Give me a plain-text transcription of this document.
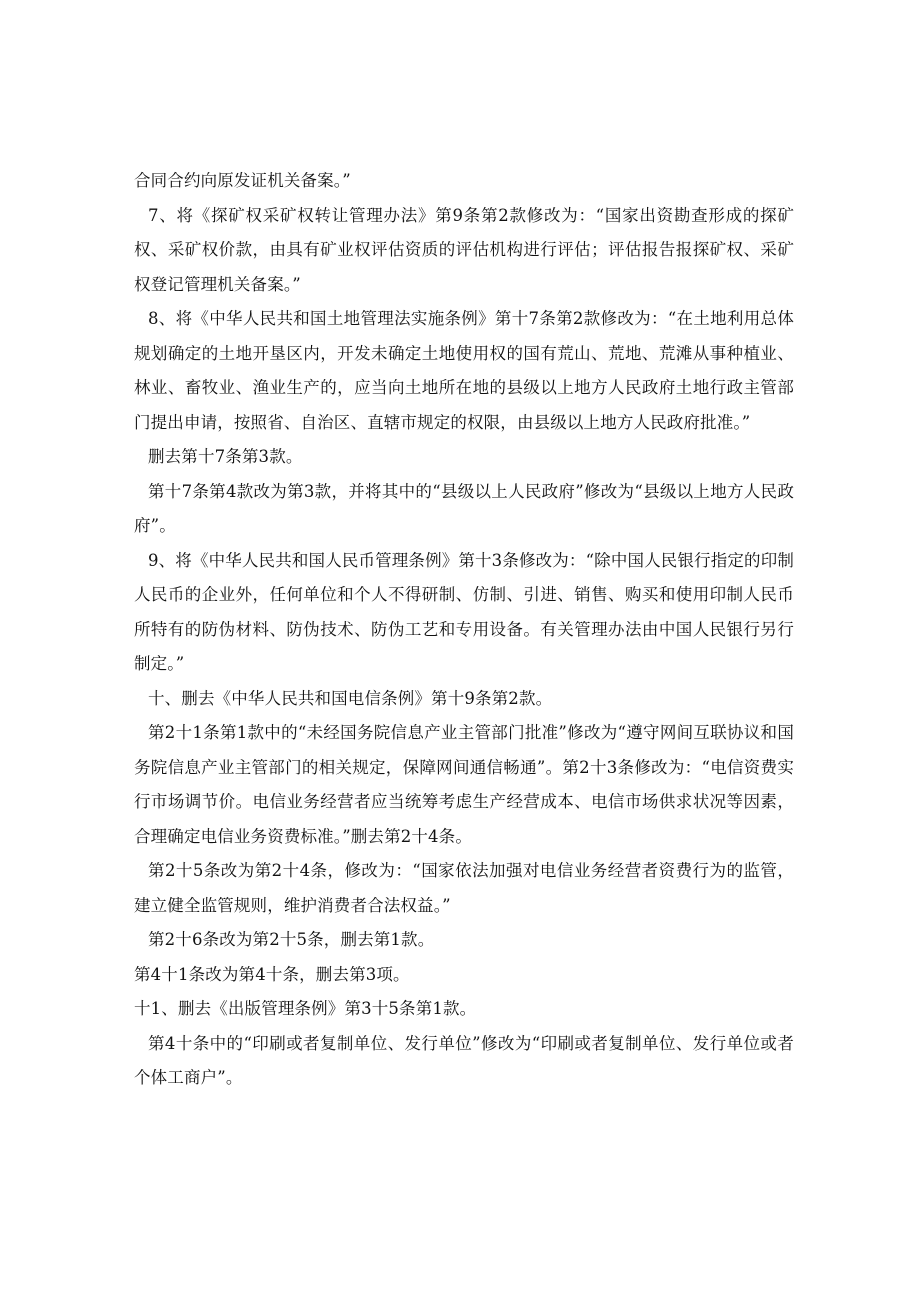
合同合约向原发证机关备案。”

7、将《探矿权采矿权转让管理办法》第9条第2款修改为：“国家出资勘查形成的探矿权、采矿权价款，由具有矿业权评估资质的评估机构进行评估；评估报告报探矿权、采矿权登记管理机关备案。”

8、将《中华人民共和国土地管理法实施条例》第十7条第2款修改为：“在土地利用总体规划确定的土地开垦区内，开发未确定土地使用权的国有荒山、荒地、荒滩从事种植业、林业、畜牧业、渔业生产的，应当向土地所在地的县级以上地方人民政府土地行政主管部门提出申请，按照省、自治区、直辖市规定的权限，由县级以上地方人民政府批准。”

删去第十7条第3款。

第十7条第4款改为第3款，并将其中的“县级以上人民政府”修改为“县级以上地方人民政府”。

9、将《中华人民共和国人民币管理条例》第十3条修改为：“除中国人民银行指定的印制人民币的企业外，任何单位和个人不得研制、仿制、引进、销售、购买和使用印制人民币所特有的防伪材料、防伪技术、防伪工艺和专用设备。有关管理办法由中国人民银行另行制定。”

十、删去《中华人民共和国电信条例》第十9条第2款。

第2十1条第1款中的“未经国务院信息产业主管部门批准”修改为“遵守网间互联协议和国务院信息产业主管部门的相关规定，保障网间通信畅通”。第2十3条修改为：“电信资费实行市场调节价。电信业务经营者应当统筹考虑生产经营成本、电信市场供求状况等因素，合理确定电信业务资费标准。”删去第2十4条。

第2十5条改为第2十4条，修改为：“国家依法加强对电信业务经营者资费行为的监管，建立健全监管规则，维护消费者合法权益。”

第2十6条改为第2十5条，删去第1款。

第4十1条改为第4十条，删去第3项。

十1、删去《出版管理条例》第3十5条第1款。

第4十条中的“印刷或者复制单位、发行单位”修改为“印刷或者复制单位、发行单位或者个体工商户”。
